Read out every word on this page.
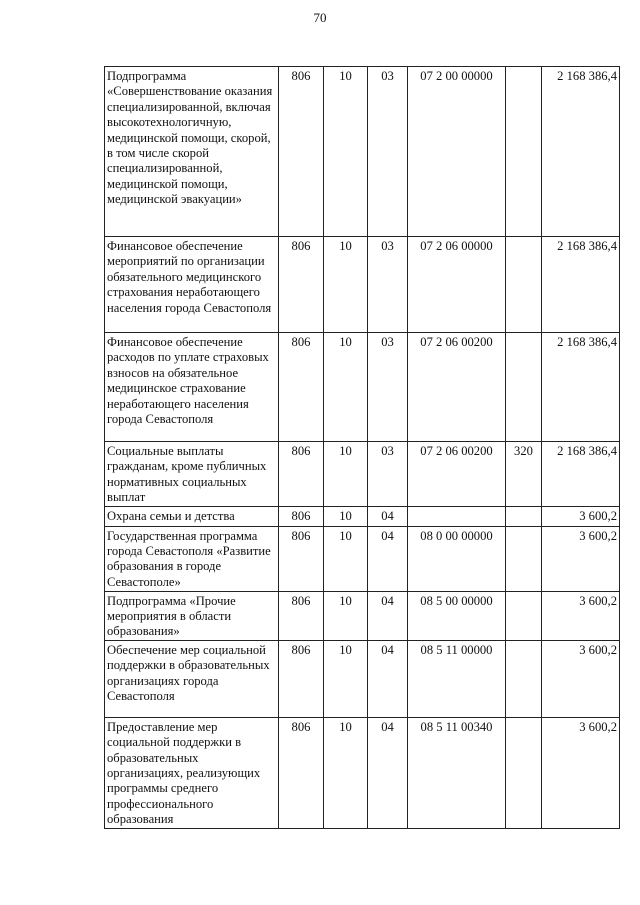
70
Подпрограмма «Совершенствование оказания специализированной, включая высокотехнологичную, медицинской помощи, скорой, в том числе скорой специализированной, медицинской помощи, медицинской эвакуации»	806	10	03	07 2 00 00000		2 168 386,4
Финансовое обеспечение мероприятий по организации обязательного медицинского страхования неработающего населения города Севастополя	806	10	03	07 2 06 00000		2 168 386,4
Финансовое обеспечение расходов по уплате страховых взносов на обязательное медицинское страхование неработающего населения города Севастополя	806	10	03	07 2 06 00200		2 168 386,4
Социальные выплаты гражданам, кроме публичных нормативных социальных выплат	806	10	03	07 2 06 00200	320	2 168 386,4
Охрана семьи и детства	806	10	04			3 600,2
Государственная программа города Севастополя «Развитие образования в городе Севастополе»	806	10	04	08 0 00 00000		3 600,2
Подпрограмма «Прочие мероприятия в области образования»	806	10	04	08 5 00 00000		3 600,2
Обеспечение мер социальной поддержки в образовательных организациях города Севастополя	806	10	04	08 5 11 00000		3 600,2
Предоставление мер социальной поддержки в образовательных организациях, реализующих программы среднего профессионального образования	806	10	04	08 5 11 00340		3 600,2
